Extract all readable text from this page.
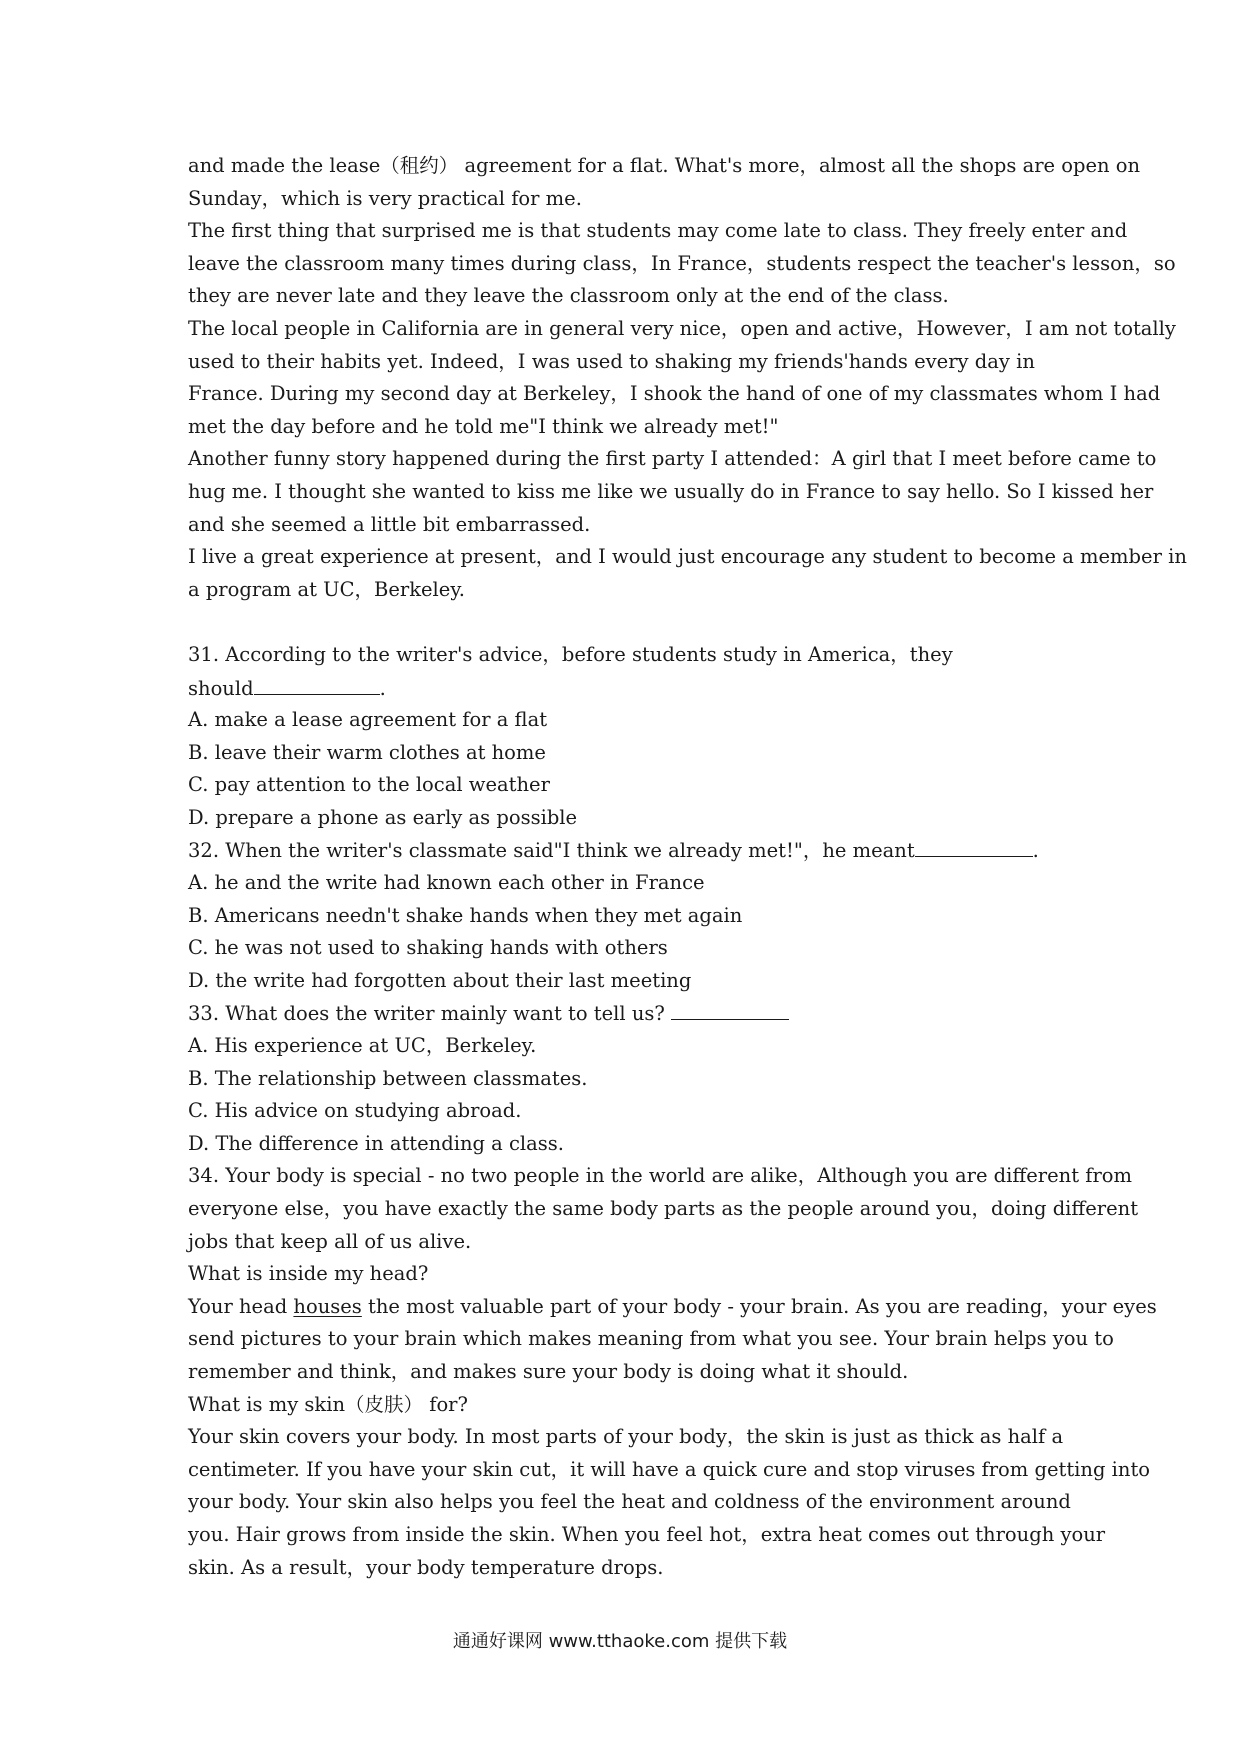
and made the lease（租约） agreement for a flat. What's more，almost all the shops are open on
Sunday，which is very practical for me.
The first thing that surprised me is that students may come late to class. They freely enter and
leave the classroom many times during class，In France，students respect the teacher's lesson，so
they are never late and they leave the classroom only at the end of the class.
The local people in California are in general very nice，open and active，However，I am not totally
used to their habits yet. Indeed，I was used to shaking my friends'hands every day in
France. During my second day at Berkeley，I shook the hand of one of my classmates whom I had
met the day before and he told me"I think we already met!"
Another funny story happened during the first party I attended：A girl that I meet before came to
hug me. I thought she wanted to kiss me like we usually do in France to say hello. So I kissed her
and she seemed a little bit embarrassed.
I live a great experience at present，and I would just encourage any student to become a member in
a program at UC，Berkeley.
31. According to the writer's advice，before students study in America，they
should	.
A. make a lease agreement for a flat
B. leave their warm clothes at home
C. pay attention to the local weather
D. prepare a phone as early as possible
32. When the writer's classmate said"I think we already met!"，he meant	.
A. he and the write had known each other in France
B. Americans needn't shake hands when they met again
C. he was not used to shaking hands with others
D. the write had forgotten about their last meeting
33. What does the writer mainly want to tell us?
A. His experience at UC，Berkeley.
B. The relationship between classmates.
C. His advice on studying abroad.
D. The difference in attending a class.
34. Your body is special - no two people in the world are alike，Although you are different from
everyone else，you have exactly the same body parts as the people around you，doing different
jobs that keep all of us alive.
What is inside my head?
Your head houses the most valuable part of your body - your brain. As you are reading，your eyes
send pictures to your brain which makes meaning from what you see. Your brain helps you to
remember and think，and makes sure your body is doing what it should.
What is my skin（皮肤） for?
Your skin covers your body. In most parts of your body，the skin is just as thick as half a
centimeter. If you have your skin cut，it will have a quick cure and stop viruses from getting into
your body. Your skin also helps you feel the heat and coldness of the environment around
you. Hair grows from inside the skin. When you feel hot，extra heat comes out through your
skin. As a result，your body temperature drops.
通通好课网 www.tthaoke.com 提供下载
